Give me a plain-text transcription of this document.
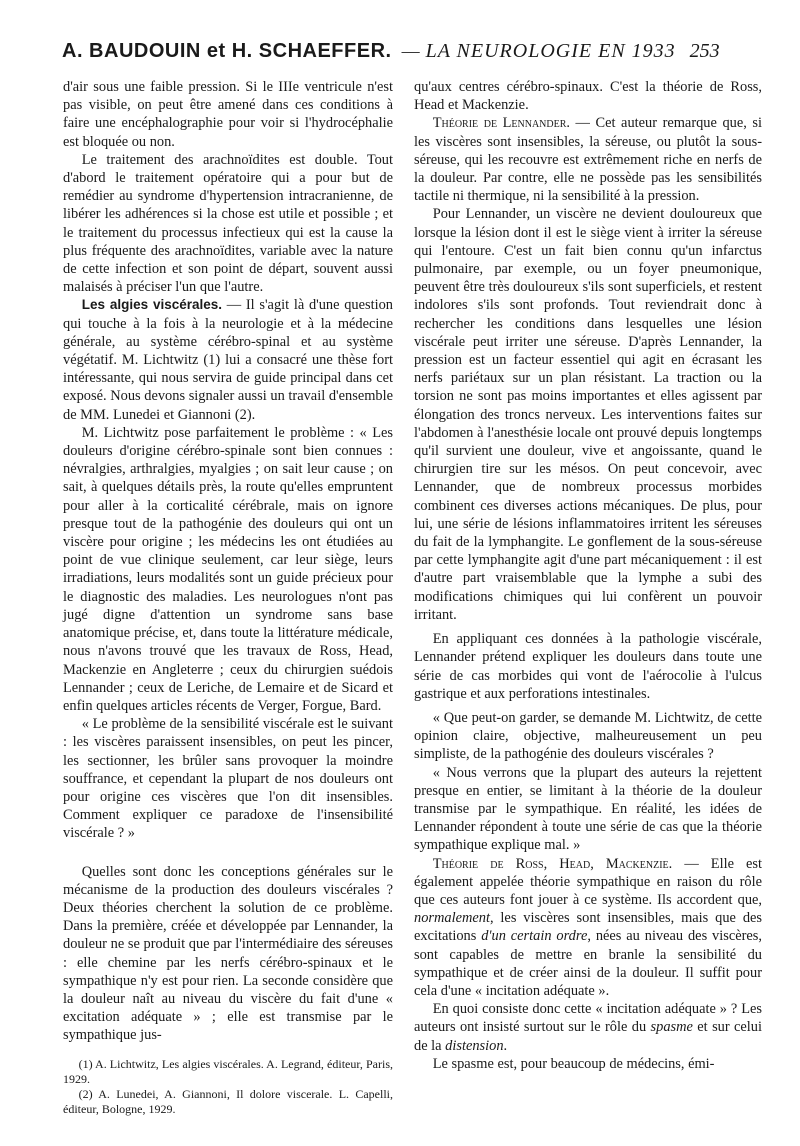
A. BAUDOUIN et H. SCHAEFFER. — LA NEUROLOGIE EN 1933 253

d'air sous une faible pression. Si le IIIe ventricule n'est pas visible, on peut être amené dans ces conditions à faire une encéphalographie pour voir si l'hydrocéphalie est bloquée ou non.

Le traitement des arachnoïdites est double. Tout d'abord le traitement opératoire qui a pour but de remédier au syndrome d'hypertension intracranienne, de libérer les adhérences si la chose est utile et possible ; et le traitement du processus infectieux qui est la cause la plus fréquente des arachnoïdites, variable avec la nature de cette infection et son point de départ, souvent aussi malaisés à préciser l'un que l'autre.

Les algies viscérales. — Il s'agit là d'une question qui touche à la fois à la neurologie et à la médecine générale, au système cérébro-spinal et au système végétatif. M. Lichtwitz (1) lui a consacré une thèse fort intéressante, qui nous servira de guide principal dans cet exposé. Nous devons signaler aussi un travail d'ensemble de MM. Lunedei et Giannoni (2).

M. Lichtwitz pose parfaitement le problème : « Les douleurs d'origine cérébro-spinale sont bien connues : névralgies, arthralgies, myalgies ; on sait leur cause ; on sait, à quelques détails près, la route qu'elles empruntent pour aller à la corticalité cérébrale, mais on ignore presque tout de la pathogénie des douleurs qui ont un viscère pour origine ; les médecins les ont étudiées au point de vue clinique seulement, car leur siège, leurs irradiations, leurs modalités sont un guide précieux pour le diagnostic des maladies. Les neurologues n'ont pas jugé digne d'attention un syndrome sans base anatomique précise, et, dans toute la littérature médicale, nous n'avons trouvé que les travaux de Ross, Head, Mackenzie en Angleterre ; ceux du chirurgien suédois Lennander ; ceux de Leriche, de Lemaire et de Sicard et enfin quelques articles récents de Verger, Forgue, Bard.

« Le problème de la sensibilité viscérale est le suivant : les viscères paraissent insensibles, on peut les pincer, les sectionner, les brûler sans provoquer la moindre souffrance, et cependant la plupart de nos douleurs ont pour origine ces viscères que l'on dit insensibles. Comment expliquer ce paradoxe de l'insensibilité viscérale ? »

Quelles sont donc les conceptions générales sur le mécanisme de la production des douleurs viscérales ? Deux théories cherchent la solution de ce problème. Dans la première, créée et développée par Lennander, la douleur ne se produit que par l'intermédiaire des séreuses : elle chemine par les nerfs cérébro-spinaux et le sympathique n'y est pour rien. La seconde considère que la douleur naît au niveau du viscère du fait d'une « excitation adéquate » ; elle est transmise par le sympathique jus-

(1) A. Lichtwitz, Les algies viscérales. A. Legrand, éditeur, Paris, 1929.

(2) A. Lunedei, A. Giannoni, Il dolore viscerale. L. Capelli, éditeur, Bologne, 1929.

qu'aux centres cérébro-spinaux. C'est la théorie de Ross, Head et Mackenzie.

Théorie de Lennander. — Cet auteur remarque que, si les viscères sont insensibles, la séreuse, ou plutôt la sous-séreuse, qui les recouvre est extrêmement riche en nerfs de la douleur. Par contre, elle ne possède pas les sensibilités tactile ni thermique, ni la sensibilité à la pression.

Pour Lennander, un viscère ne devient douloureux que lorsque la lésion dont il est le siège vient à irriter la séreuse qui l'entoure. C'est un fait bien connu qu'un infarctus pulmonaire, par exemple, ou un foyer pneumonique, peuvent être très douloureux s'ils sont superficiels, et restent indolores s'ils sont profonds. Tout reviendrait donc à rechercher les conditions dans lesquelles une lésion viscérale peut irriter une séreuse. D'après Lennander, la pression est un facteur essentiel qui agit en écrasant les nerfs pariétaux sur un plan résistant. La traction ou la torsion ne sont pas moins importantes et elles agissent par élongation des troncs nerveux. Les interventions faites sur l'abdomen à l'anesthésie locale ont prouvé depuis longtemps qu'il survient une douleur, vive et angoissante, quand le chirurgien tire sur les mésos. On peut concevoir, avec Lennander, que de nombreux processus morbides combinent ces diverses actions mécaniques. De plus, pour lui, une série de lésions inflammatoires irritent les séreuses du fait de la lymphangite. Le gonflement de la sous-séreuse par cette lymphangite agit d'une part mécaniquement : il est d'autre part vraisemblable que la lymphe a subi des modifications chimiques qui lui confèrent un pouvoir irritant.

En appliquant ces données à la pathologie viscérale, Lennander prétend expliquer les douleurs dans toute une série de cas morbides qui vont de l'aérocolie à l'ulcus gastrique et aux perforations intestinales.

« Que peut-on garder, se demande M. Lichtwitz, de cette opinion claire, objective, malheureusement un peu simpliste, de la pathogénie des douleurs viscérales ?

« Nous verrons que la plupart des auteurs la rejettent presque en entier, se limitant à la théorie de la douleur transmise par le sympathique. En réalité, les idées de Lennander répondent à toute une série de cas que la théorie sympathique explique mal. »

Théorie de Ross, Head, Mackenzie. — Elle est également appelée théorie sympathique en raison du rôle que ces auteurs font jouer à ce système. Ils accordent que, normalement, les viscères sont insensibles, mais que des excitations d'un certain ordre, nées au niveau des viscères, sont capables de mettre en branle la sensibilité du sympathique et de créer ainsi de la douleur. Il suffit pour cela d'une « incitation adéquate ».

En quoi consiste donc cette « incitation adéquate » ? Les auteurs ont insisté surtout sur le rôle du spasme et sur celui de la distension.

Le spasme est, pour beaucoup de médecins, émi-
